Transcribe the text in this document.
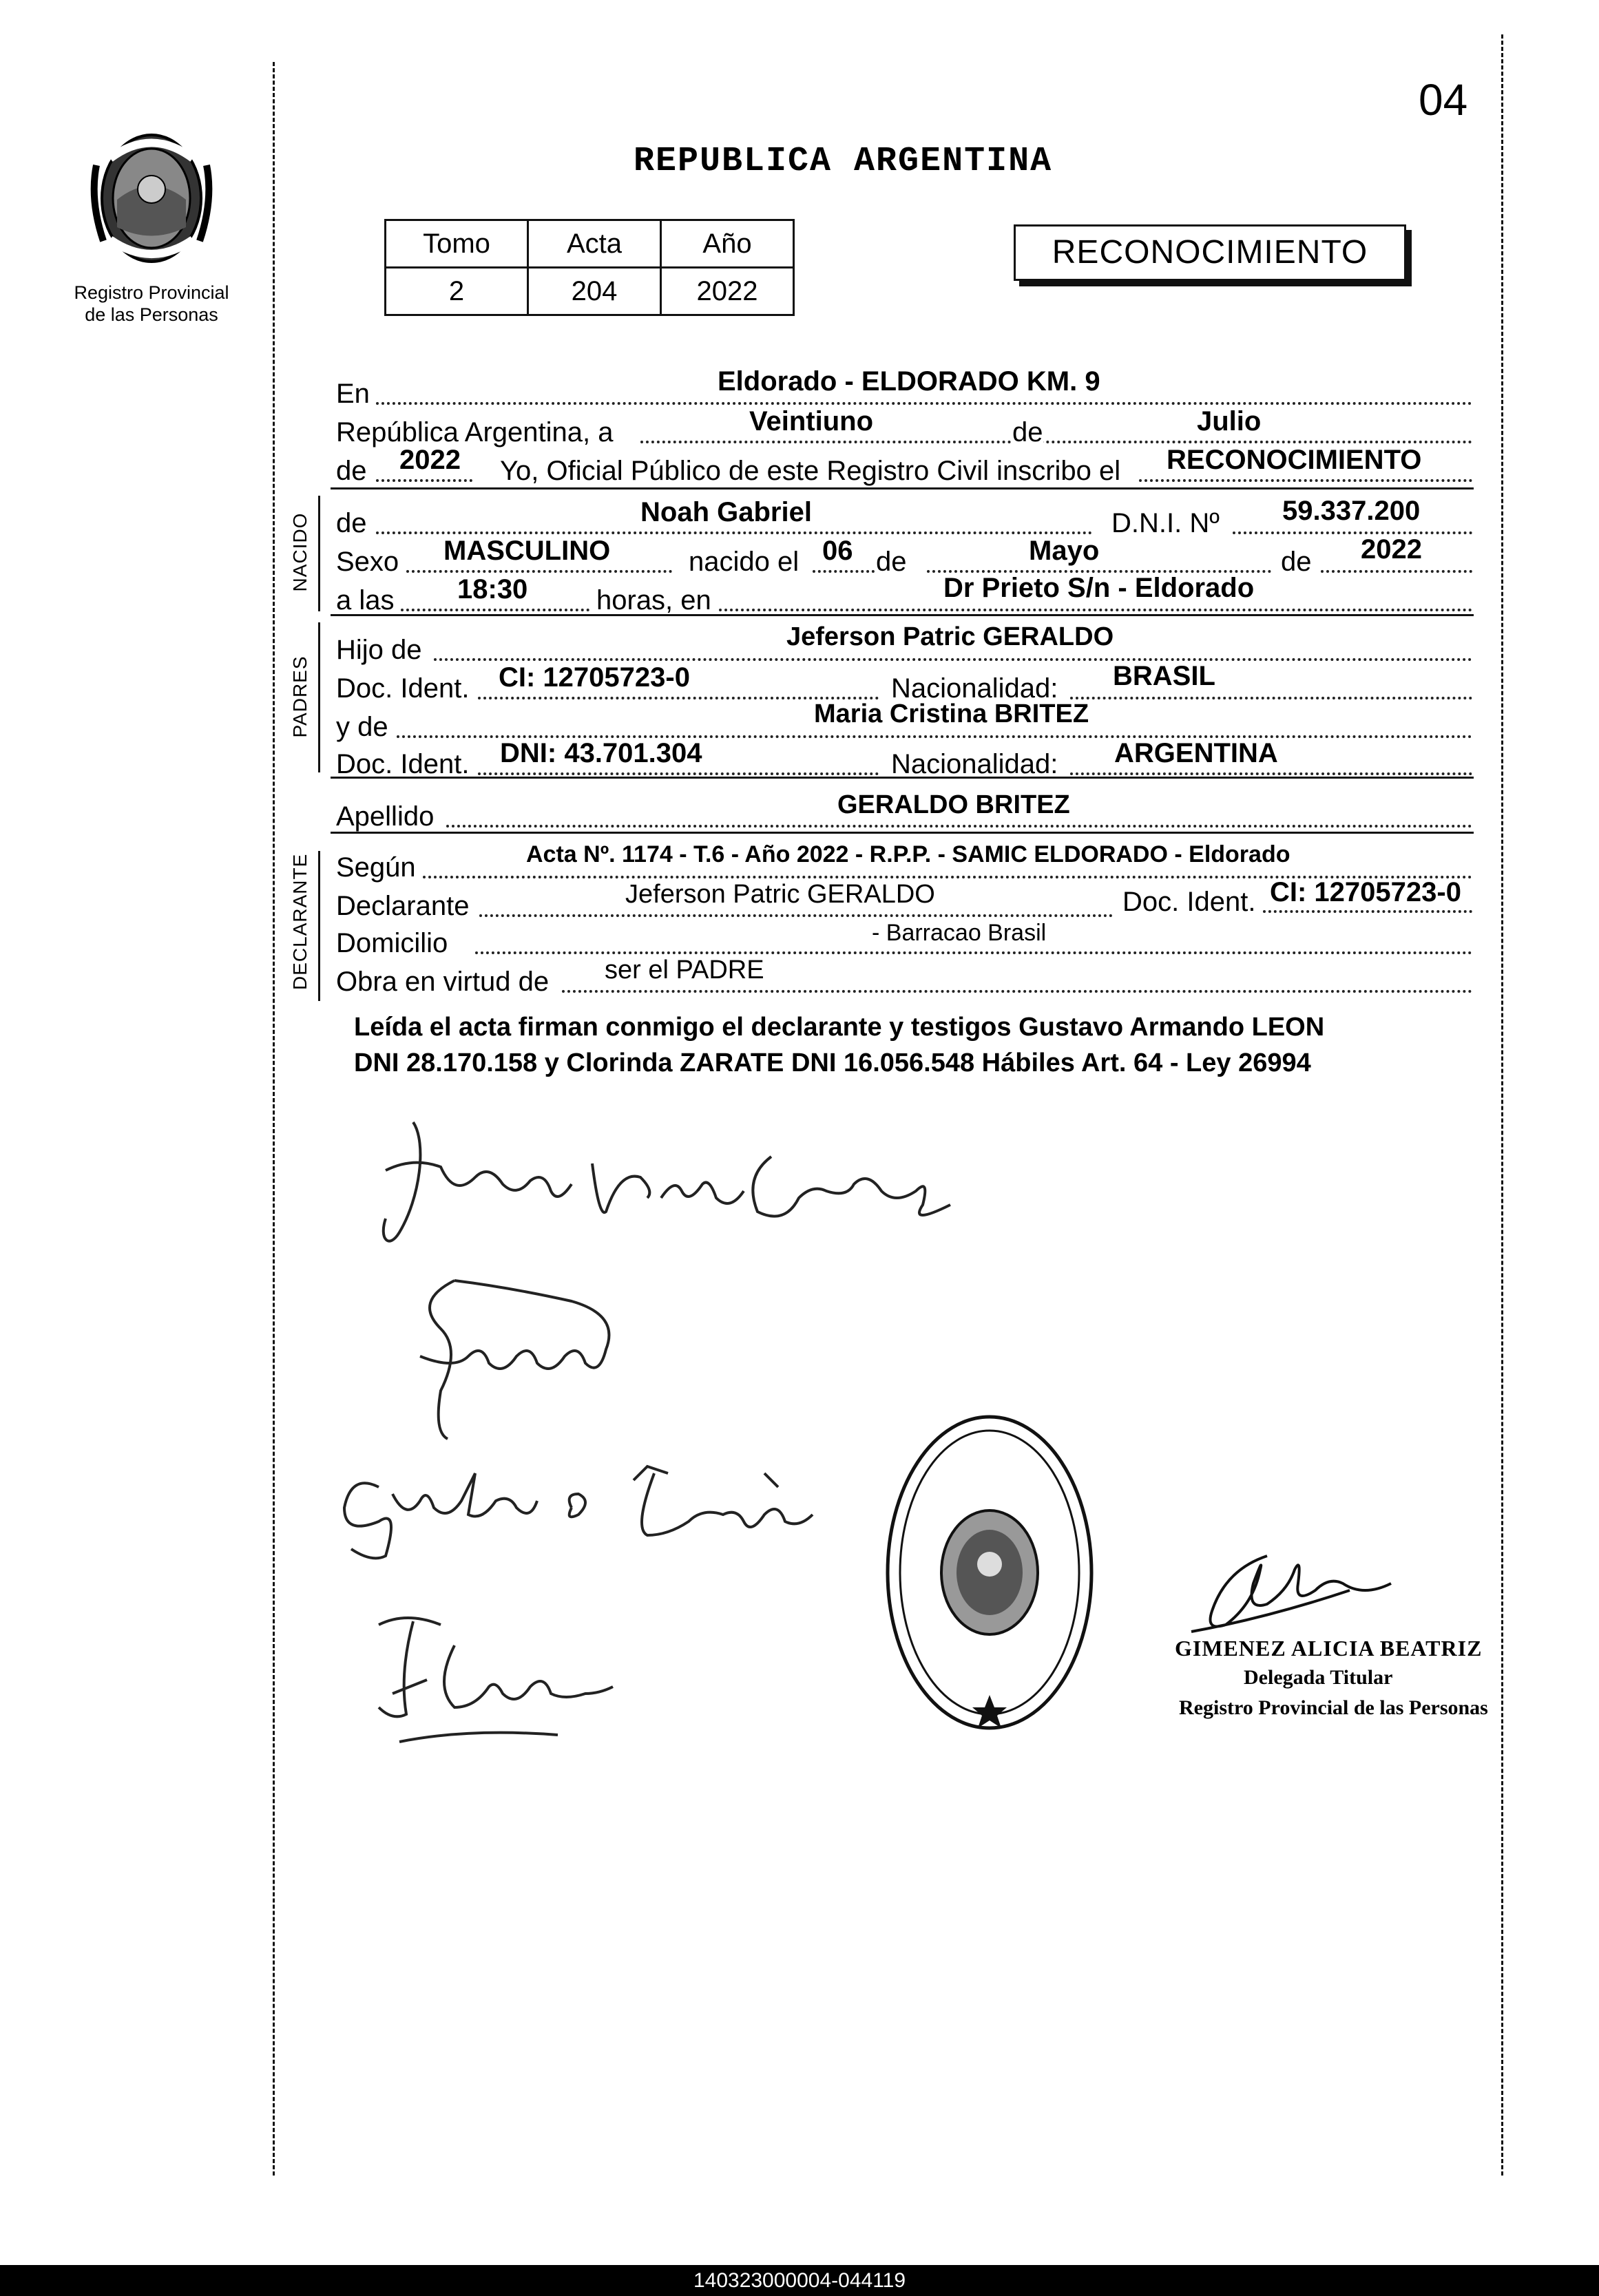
04
REPUBLICA ARGENTINA
Registro Provincial
de las Personas
Tomo	Acta	Año
2	204	2022
RECONOCIMIENTO
En	Eldorado - ELDORADO KM. 9
República Argentina, a	Veintiuno	de	Julio
de 2022 Yo, Oficial Público de este Registro Civil inscribo el RECONOCIMIENTO
NACIDO de	Noah Gabriel	D.N.I. Nº 59.337.200
Sexo MASCULINO	nacido el 06 de	Mayo	de 2022
a las 18:30 horas, en	Dr Prieto S/n - Eldorado
PADRES
Hijo de	Jeferson Patric GERALDO
Doc. Ident. CI: 12705723-0	Nacionalidad: BRASIL
y de	Maria Cristina BRITEZ
Doc. Ident. DNI: 43.701.304	Nacionalidad: ARGENTINA
Apellido	GERALDO BRITEZ
DECLARANTE Según	Acta Nº. 1174 - T.6 - Año 2022 - R.P.P. - SAMIC ELDORADO - Eldorado
Declarante	Jeferson Patric GERALDO	Doc. Ident. CI: 12705723-0
Domicilio	- Barracao Brasil
Obra en virtud de ser el PADRE
Leída el acta firman conmigo el declarante y testigos Gustavo Armando LEON
DNI 28.170.158 y Clorinda ZARATE DNI 16.056.548 Hábiles Art. 64 - Ley 26994
GIMENEZ ALICIA BEATRIZ
Delegada Titular
Registro Provincial de las Personas
140323000004-044119
